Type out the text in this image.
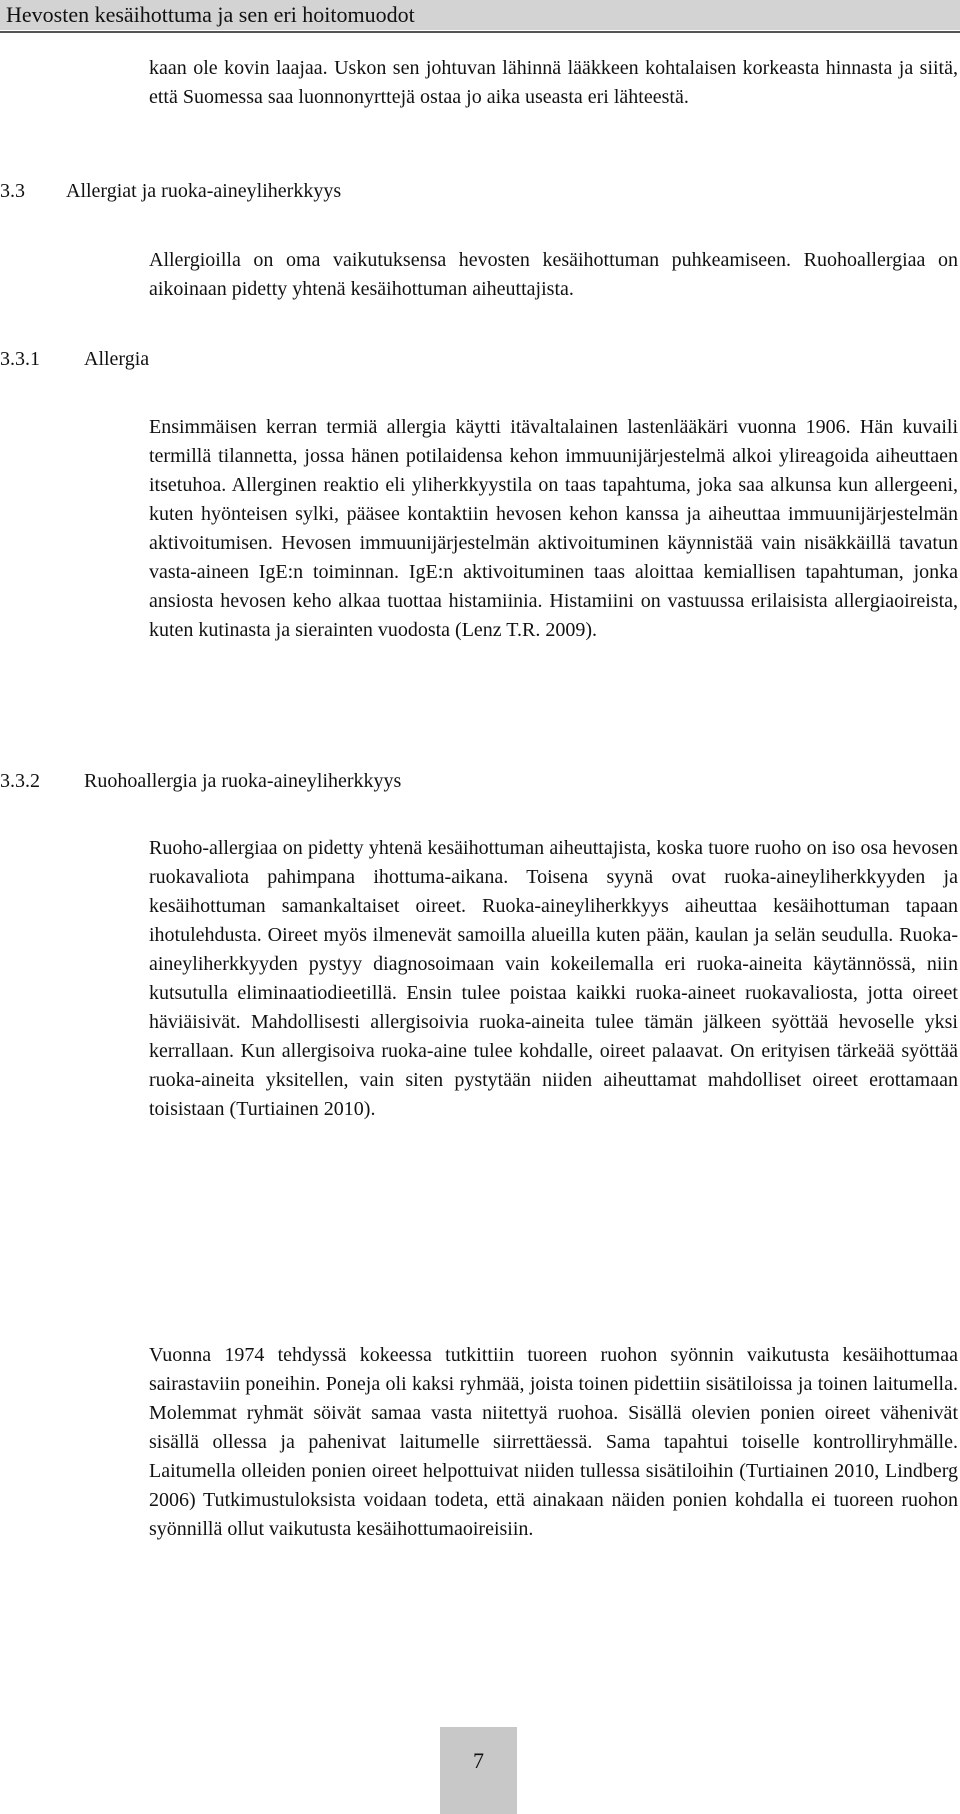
Hevosten kesäihottuma ja sen eri hoitomuodot

kaan ole kovin laajaa. Uskon sen johtuvan lähinnä lääkkeen kohtalaisen korkeasta hinnasta ja siitä, että Suomessa saa luonnonyrttejä ostaa jo aika useasta eri lähteestä.

3.3 Allergiat ja ruoka-aineyliherkkyys

Allergioilla on oma vaikutuksensa hevosten kesäihottuman puhkeamiseen. Ruohoallergiaa on aikoinaan pidetty yhtenä kesäihottuman aiheuttajista.

3.3.1 Allergia

Ensimmäisen kerran termiä allergia käytti itävaltalainen lastenlääkäri vuonna 1906. Hän kuvaili termillä tilannetta, jossa hänen potilaidensa kehon immuunijärjestelmä alkoi ylireagoida aiheuttaen itsetuhoa. Allerginen reaktio eli yliherkkyystila on taas tapahtuma, joka saa alkunsa kun allergeeni, kuten hyönteisen sylki, pääsee kontaktiin hevosen kehon kanssa ja aiheuttaa immuunijärjestelmän aktivoitumisen. Hevosen immuunijärjestelmän aktivoituminen käynnistää vain nisäkkäillä tavatun vasta-aineen IgE:n toiminnan. IgE:n aktivoituminen taas aloittaa kemiallisen tapahtuman, jonka ansiosta hevosen keho alkaa tuottaa histamiinia. Histamiini on vastuussa erilaisista allergiaoireista, kuten kutinasta ja sierainten vuodosta (Lenz T.R. 2009).

3.3.2 Ruohoallergia ja ruoka-aineyliherkkyys

Ruoho-allergiaa on pidetty yhtenä kesäihottuman aiheuttajista, koska tuore ruoho on iso osa hevosen ruokavaliota pahimpana ihottuma-aikana. Toisena syynä ovat ruoka-aineyliherkkyyden ja kesäihottuman samankaltaiset oireet. Ruoka-aineyliherkkyys aiheuttaa kesäihottuman tapaan ihotulehdusta. Oireet myös ilmenevät samoilla alueilla kuten pään, kaulan ja selän seudulla. Ruoka-aineyliherkkyyden pystyy diagnosoimaan vain kokeilemalla eri ruoka-aineita käytännössä, niin kutsutulla eliminaatiodieetillä. Ensin tulee poistaa kaikki ruoka-aineet ruokavaliosta, jotta oireet häviäisivät. Mahdollisesti allergisoivia ruoka-aineita tulee tämän jälkeen syöttää hevoselle yksi kerrallaan. Kun allergisoiva ruoka-aine tulee kohdalle, oireet palaavat. On erityisen tärkeää syöttää ruoka-aineita yksitellen, vain siten pystytään niiden aiheuttamat mahdolliset oireet erottamaan toisistaan (Turtiainen 2010).

Vuonna 1974 tehdyssä kokeessa tutkittiin tuoreen ruohon syönnin vaikutusta kesäihottumaa sairastaviin poneihin. Poneja oli kaksi ryhmää, joista toinen pidettiin sisätiloissa ja toinen laitumella. Molemmat ryhmät söivät samaa vasta niitettyä ruohoa. Sisällä olevien ponien oireet vähenivät sisällä ollessa ja pahenivat laitumelle siirrettäessä. Sama tapahtui toiselle kontrolliryhmälle. Laitumella olleiden ponien oireet helpottuivat niiden tullessa sisätiloihin (Turtiainen 2010, Lindberg 2006) Tutkimustuloksista voidaan todeta, että ainakaan näiden ponien kohdalla ei tuoreen ruohon syönnillä ollut vaikutusta kesäihottumaoireisiin.

7
